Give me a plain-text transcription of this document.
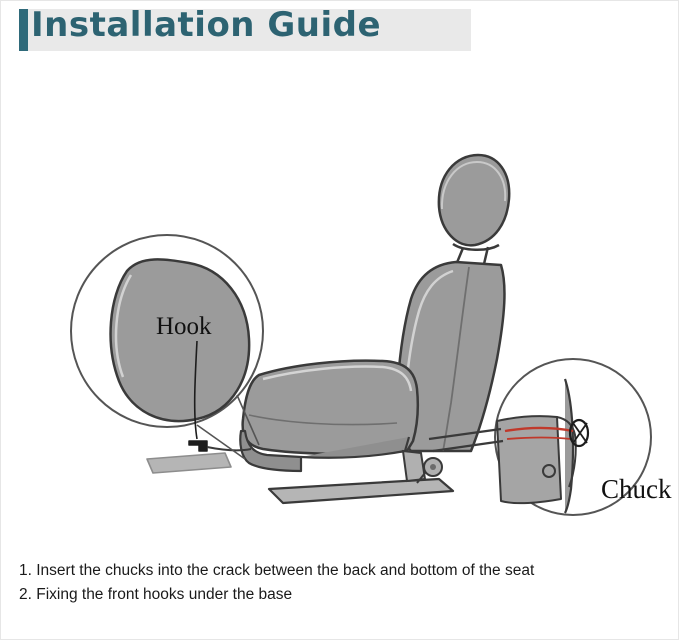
Installation Guide
Hook
Chuck
1. Insert the chucks into the crack between the back and bottom of the seat
2. Fixing the front hooks under the base
